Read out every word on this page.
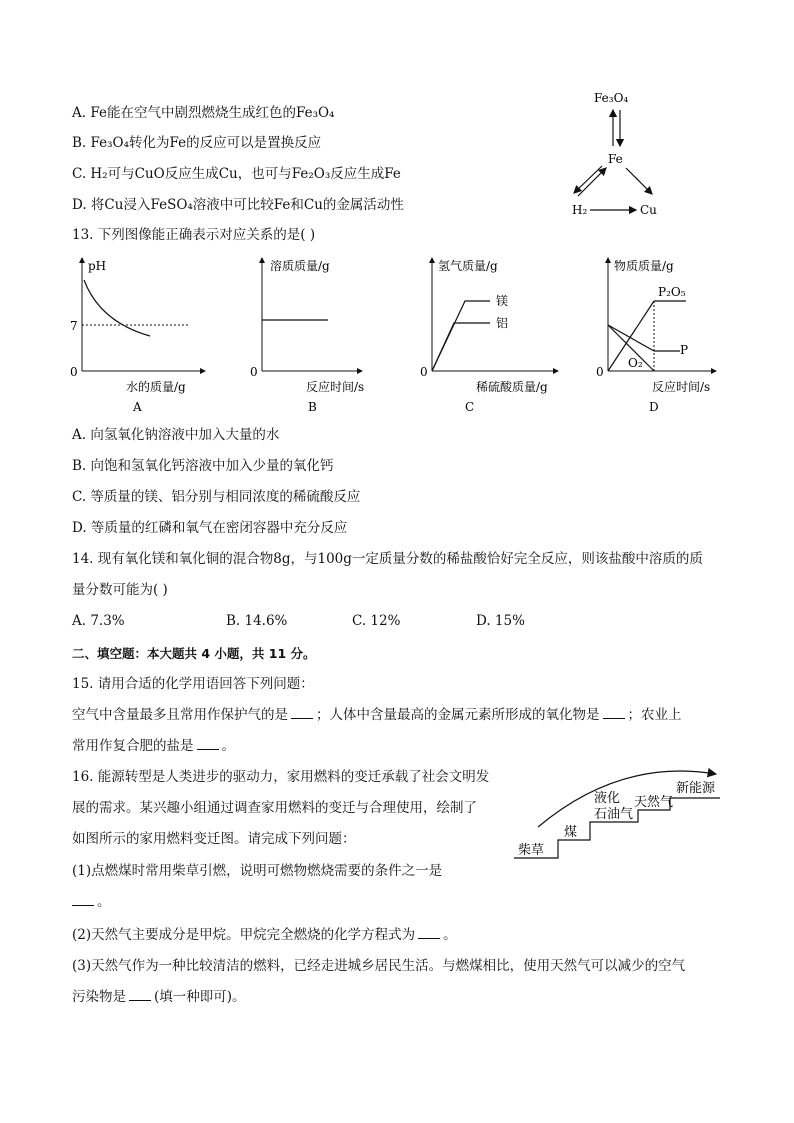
A. Fe能在空气中剧烈燃烧生成红色的Fe₃O₄
B. Fe₃O₄转化为Fe的反应可以是置换反应
C. H₂可与CuO反应生成Cu，也可与Fe₂O₃反应生成Fe
D. 将Cu浸入FeSO₄溶液中可比较Fe和Cu的金属活动性
Fe₃O₄
Fe
H₂	Cu
13. 下列图像能正确表示对应关系的是( )
pH
7
0
水的质量/g
A
溶质质量/g
0
反应时间/s
B
氢气质量/g
镁
铝
0
稀硫酸质量/g
C
物质质量/g
P₂O₅
P
O₂
0
反应时间/s
D
A. 向氢氧化钠溶液中加入大量的水
B. 向饱和氢氧化钙溶液中加入少量的氧化钙
C. 等质量的镁、铝分别与相同浓度的稀硫酸反应
D. 等质量的红磷和氧气在密闭容器中充分反应
14. 现有氧化镁和氧化铜的混合物8g，与100g一定质量分数的稀盐酸恰好完全反应，则该盐酸中溶质的质
量分数可能为( )
A. 7.3%	B. 14.6%	C. 12%	D. 15%
二、填空题：本大题共 4 小题，共 11 分。
15. 请用合适的化学用语回答下列问题：
空气中含量最多且常用作保护气的是 ；人体中含量最高的金属元素所形成的氧化物是 ；农业上
常用作复合肥的盐是 。
16. 能源转型是人类进步的驱动力，家用燃料的变迁承载了社会文明发
展的需求。某兴趣小组通过调查家用燃料的变迁与合理使用，绘制了
如图所示的家用燃料变迁图。请完成下列问题：
柴草
煤
液化
石油气
天然气
新能源
(1)点燃煤时常用柴草引燃，说明可燃物燃烧需要的条件之一是
。
(2)天然气主要成分是甲烷。甲烷完全燃烧的化学方程式为 。
(3)天然气作为一种比较清洁的燃料，已经走进城乡居民生活。与燃煤相比，使用天然气可以减少的空气
污染物是 (填一种即可)。
